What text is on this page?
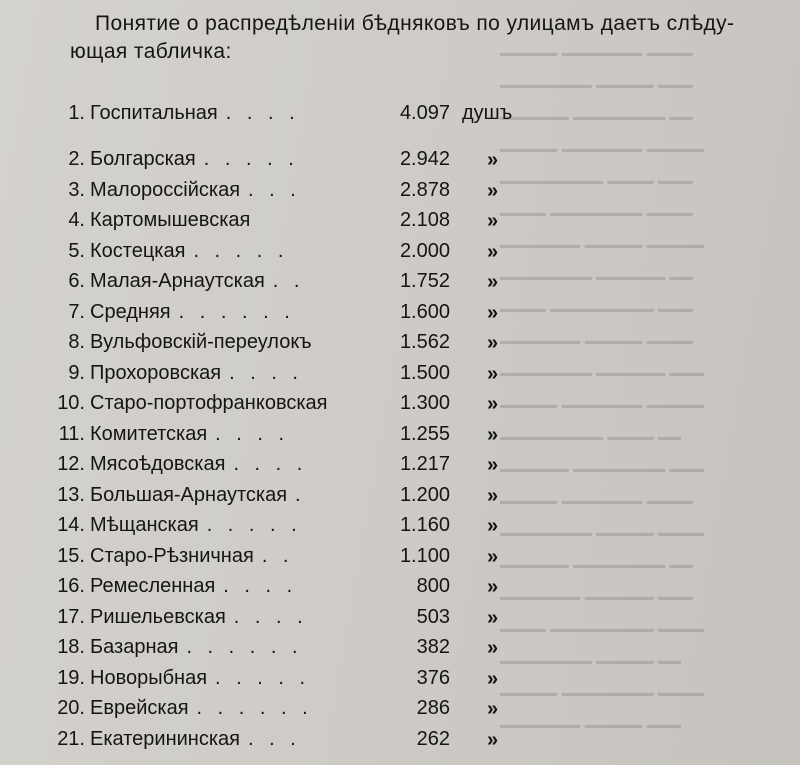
━━━━━ ━━━━━━━ ━━━━
━━━━━━━━ ━━━━━ ━━━
━━━━━━ ━━━━━━━━ ━━
━━━━━ ━━━━━━━ ━━━━━
━━━━━━━━━ ━━━━ ━━━
━━━━ ━━━━━━━━ ━━━━
━━━━━━━ ━━━━━ ━━━━━
━━━━━━━━ ━━━━━━ ━━
━━━━ ━━━━━━━━━ ━━━
━━━━━━━ ━━━━━ ━━━━
━━━━━━━━ ━━━━━━ ━━━
━━━━━ ━━━━━━━ ━━━━━
━━━━━━━━━ ━━━━ ━━
━━━━━━ ━━━━━━━━ ━━━
━━━━━ ━━━━━━━ ━━━━
━━━━━━━━ ━━━━━ ━━━━
━━━━━━ ━━━━━━━━ ━━
━━━━━━━ ━━━━━━ ━━━
━━━━ ━━━━━━━━━ ━━━━
━━━━━━━━ ━━━━━ ━━
━━━━━ ━━━━━━━━ ━━━━
━━━━━━━ ━━━━━ ━━━
Понятие о распредѣленіи бѣдняковъ по улицамъ даетъ слѣду-
ющая табличка:
1. Госпитальная . . . .	4.097 душъ
2. Болгарская . . . . .	2.942 »
3. Малороссійская . . .	2.878 »
4. Картомышевская	2.108 »
5. Костецкая . . . . .	2.000 »
6. Малая-Арнаутская . .	1.752 »
7. Средняя . . . . . .	1.600 »
8. Вульфовскій-переулокъ	1.562 »
9. Прохоровская . . . .	1.500 »
10. Старо-портофранковская	1.300 »
11. Комитетская . . . .	1.255 »
12. Мясоѣдовская . . . .	1.217 »
13. Большая-Арнаутская .	1.200 »
14. Мѣщанская . . . . .	1.160 »
15. Старо-Рѣзничная . .	1.100 »
16. Ремесленная . . . .	800 »
17. Ришельевская . . . .	503 »
18. Базарная . . . . . .	382 »
19. Новорыбная . . . . .	376 »
20. Еврейская . . . . . .	286 »
21. Екатерининская . . .	262 »
